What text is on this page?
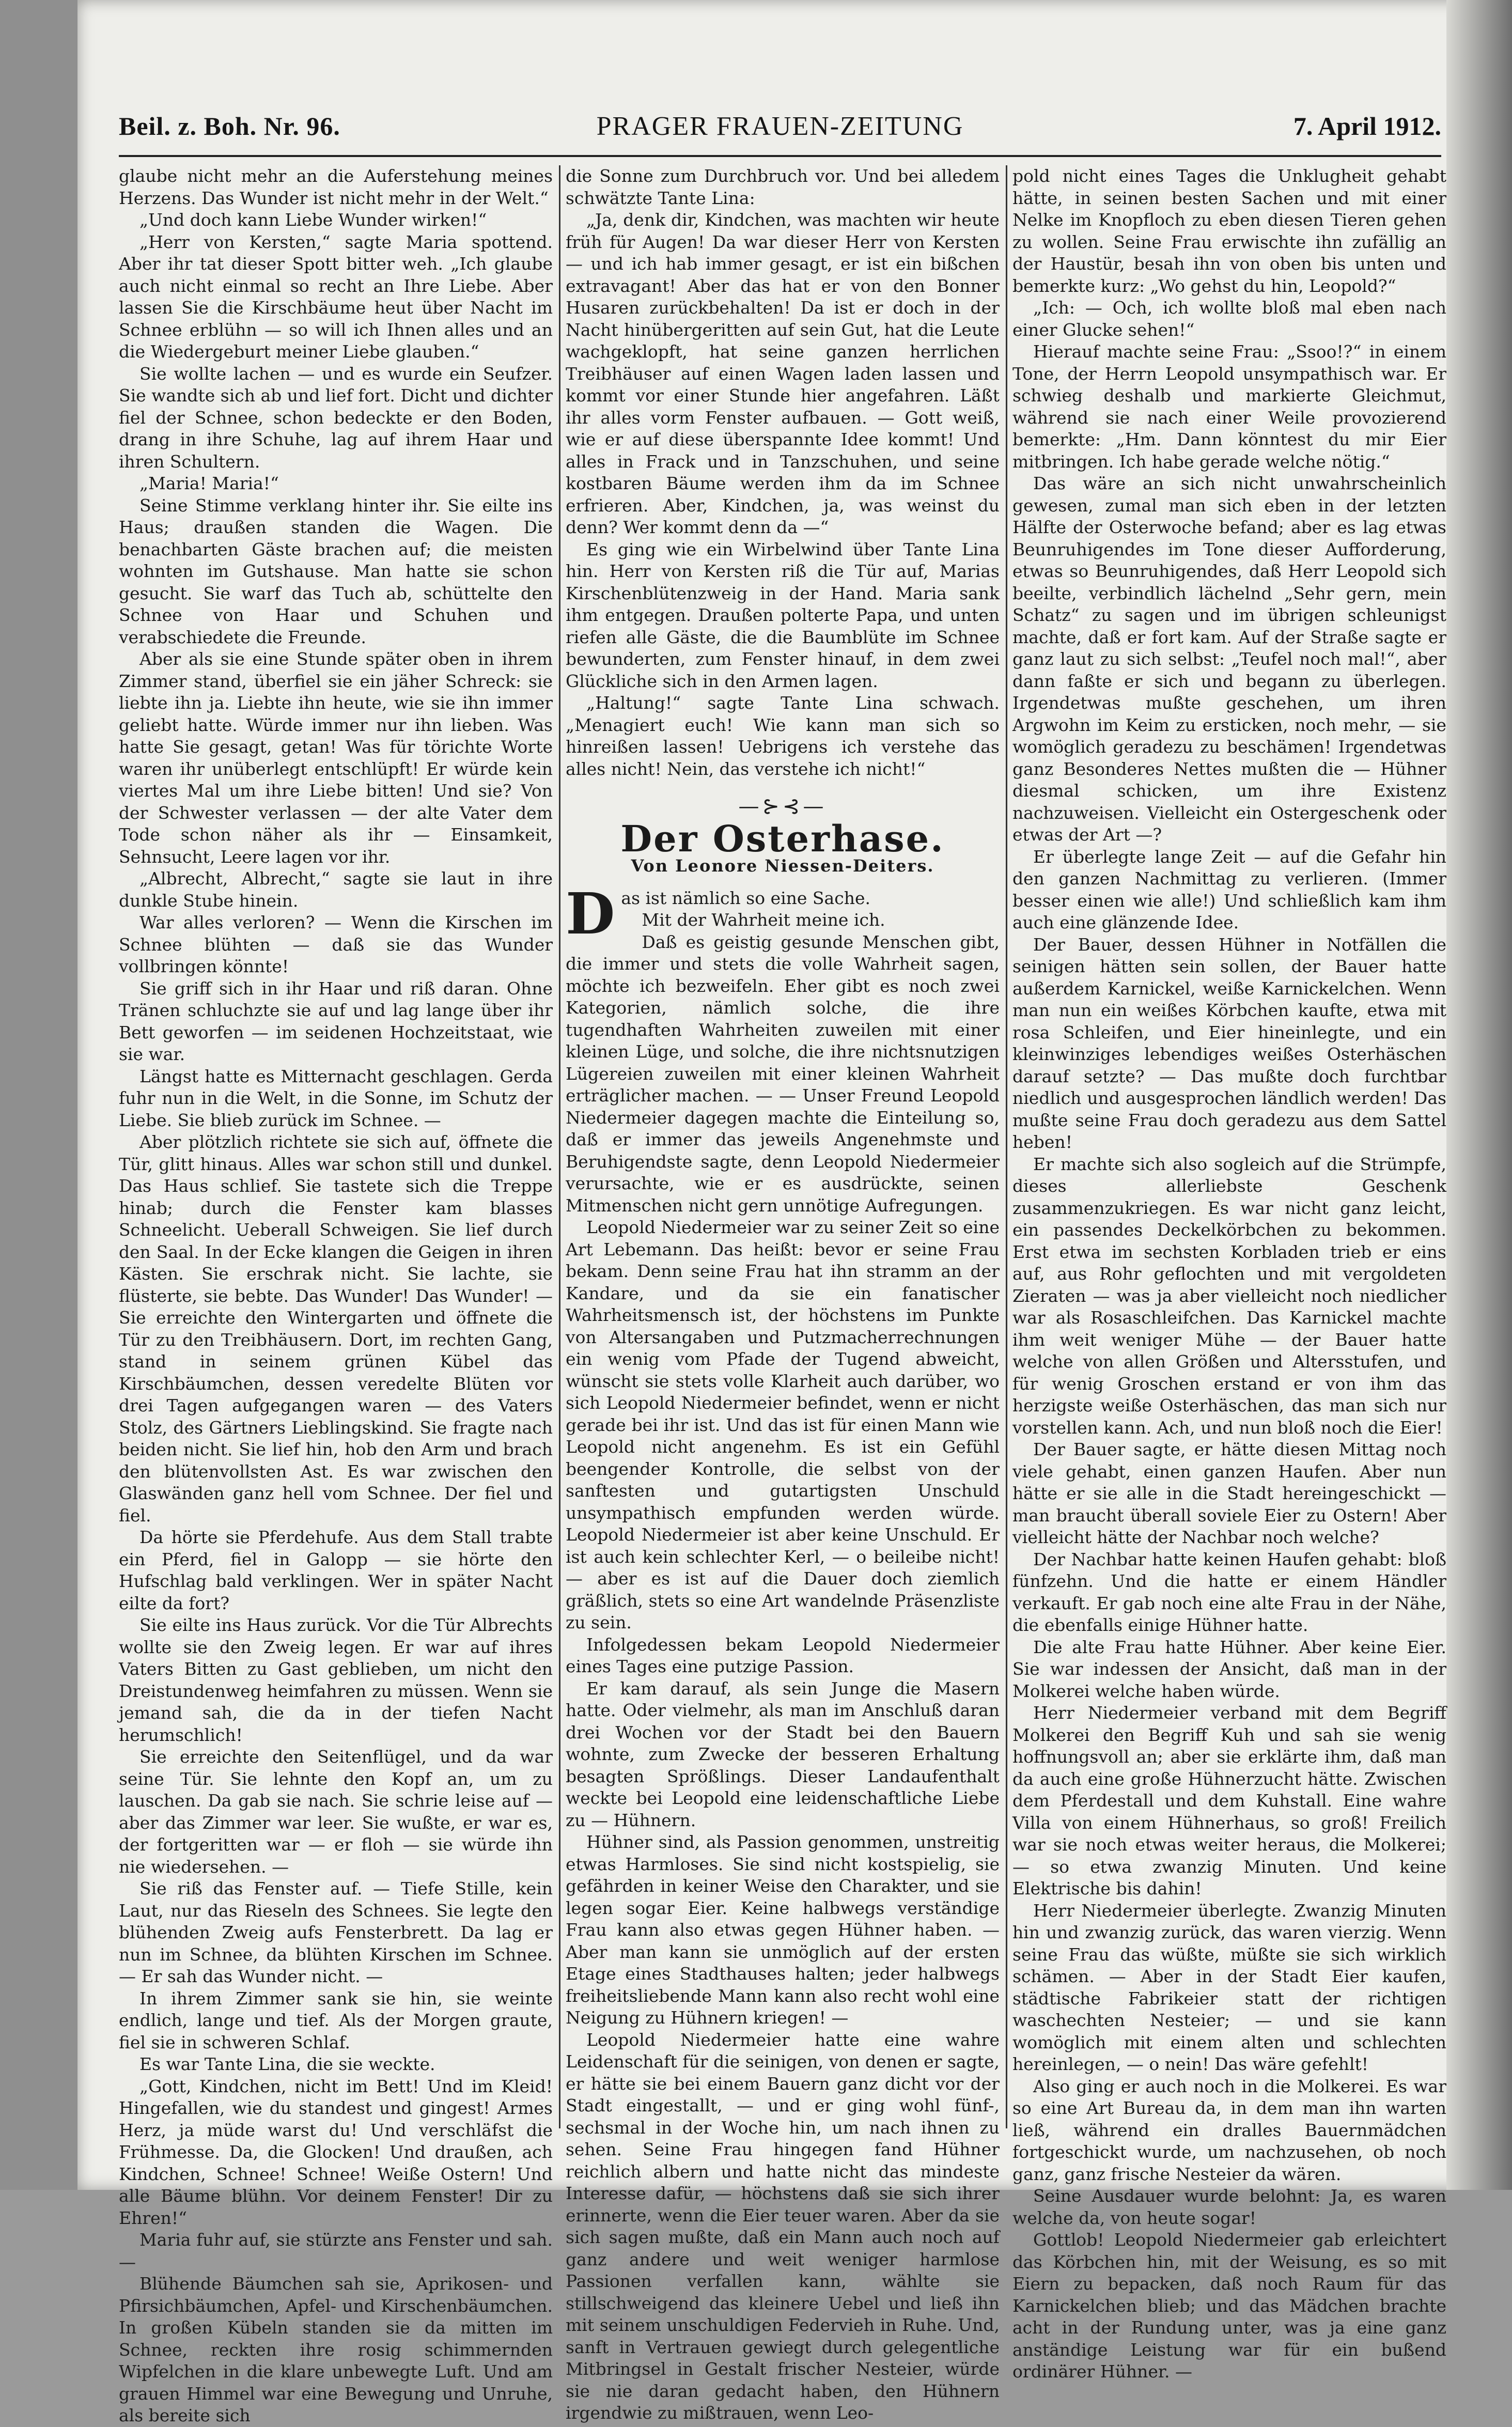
Beil. z. Boh. Nr. 96.	PRAGER FRAUEN-ZEITUNG	7. April 1912.

glaube nicht mehr an die Auferstehung meines Herzens. Das Wunder ist nicht mehr in der Welt.“

„Und doch kann Liebe Wunder wirken!“

„Herr von Kersten,“ sagte Maria spottend. Aber ihr tat dieser Spott bitter weh. „Ich glaube auch nicht einmal so recht an Ihre Liebe. Aber lassen Sie die Kirschbäume heut über Nacht im Schnee erblühn — so will ich Ihnen alles und an die Wiedergeburt meiner Liebe glauben.“

Sie wollte lachen — und es wurde ein Seufzer. Sie wandte sich ab und lief fort. Dicht und dichter fiel der Schnee, schon bedeckte er den Boden, drang in ihre Schuhe, lag auf ihrem Haar und ihren Schultern.

„Maria! Maria!“

Seine Stimme verklang hinter ihr. Sie eilte ins Haus; draußen standen die Wagen. Die benachbarten Gäste brachen auf; die meisten wohnten im Gutshause. Man hatte sie schon gesucht. Sie warf das Tuch ab, schüttelte den Schnee von Haar und Schuhen und verabschiedete die Freunde.

Aber als sie eine Stunde später oben in ihrem Zimmer stand, überfiel sie ein jäher Schreck: sie liebte ihn ja. Liebte ihn heute, wie sie ihn immer geliebt hatte. Würde immer nur ihn lieben. Was hatte Sie gesagt, getan! Was für törichte Worte waren ihr unüberlegt entschlüpft! Er würde kein viertes Mal um ihre Liebe bitten! Und sie? Von der Schwester verlassen — der alte Vater dem Tode schon näher als ihr — Einsamkeit, Sehnsucht, Leere lagen vor ihr.

„Albrecht, Albrecht,“ sagte sie laut in ihre dunkle Stube hinein.

War alles verloren? — Wenn die Kirschen im Schnee blühten — daß sie das Wunder vollbringen könnte!

Sie griff sich in ihr Haar und riß daran. Ohne Tränen schluchzte sie auf und lag lange über ihr Bett geworfen — im seidenen Hochzeitstaat, wie sie war.

Längst hatte es Mitternacht geschlagen. Gerda fuhr nun in die Welt, in die Sonne, im Schutz der Liebe. Sie blieb zurück im Schnee. —

Aber plötzlich richtete sie sich auf, öffnete die Tür, glitt hinaus. Alles war schon still und dunkel. Das Haus schlief. Sie tastete sich die Treppe hinab; durch die Fenster kam blasses Schneelicht. Ueberall Schweigen. Sie lief durch den Saal. In der Ecke klangen die Geigen in ihren Kästen. Sie erschrak nicht. Sie lachte, sie flüsterte, sie bebte. Das Wunder! Das Wunder! — Sie erreichte den Wintergarten und öffnete die Tür zu den Treibhäusern. Dort, im rechten Gang, stand in seinem grünen Kübel das Kirschbäumchen, dessen veredelte Blüten vor drei Tagen aufgegangen waren — des Vaters Stolz, des Gärtners Lieblingskind. Sie fragte nach beiden nicht. Sie lief hin, hob den Arm und brach den blütenvollsten Ast. Es war zwischen den Glaswänden ganz hell vom Schnee. Der fiel und fiel.

Da hörte sie Pferdehufe. Aus dem Stall trabte ein Pferd, fiel in Galopp — sie hörte den Hufschlag bald verklingen. Wer in später Nacht eilte da fort?

Sie eilte ins Haus zurück. Vor die Tür Albrechts wollte sie den Zweig legen. Er war auf ihres Vaters Bitten zu Gast geblieben, um nicht den Dreistundenweg heimfahren zu müssen. Wenn sie jemand sah, die da in der tiefen Nacht herumschlich!

Sie erreichte den Seitenflügel, und da war seine Tür. Sie lehnte den Kopf an, um zu lauschen. Da gab sie nach. Sie schrie leise auf — aber das Zimmer war leer. Sie wußte, er war es, der fortgeritten war — er floh — sie würde ihn nie wiedersehen. —

Sie riß das Fenster auf. — Tiefe Stille, kein Laut, nur das Rieseln des Schnees. Sie legte den blühenden Zweig aufs Fensterbrett. Da lag er nun im Schnee, da blühten Kirschen im Schnee. — Er sah das Wunder nicht. —

In ihrem Zimmer sank sie hin, sie weinte endlich, lange und tief. Als der Morgen graute, fiel sie in schweren Schlaf.

Es war Tante Lina, die sie weckte.

„Gott, Kindchen, nicht im Bett! Und im Kleid! Hingefallen, wie du standest und gingest! Armes Herz, ja müde warst du! Und verschläfst die Frühmesse. Da, die Glocken! Und draußen, ach Kindchen, Schnee! Schnee! Weiße Ostern! Und alle Bäume blühn. Vor deinem Fenster! Dir zu Ehren!“

Maria fuhr auf, sie stürzte ans Fenster und sah. —

Blühende Bäumchen sah sie, Aprikosen- und Pfirsichbäumchen, Apfel- und Kirschenbäumchen. In großen Kübeln standen sie da mitten im Schnee, reckten ihre rosig schimmernden Wipfelchen in die klare unbewegte Luft. Und am grauen Himmel war eine Bewegung und Unruhe, als bereite sich

die Sonne zum Durchbruch vor. Und bei alledem schwätzte Tante Lina:

„Ja, denk dir, Kindchen, was machten wir heute früh für Augen! Da war dieser Herr von Kersten — und ich hab immer gesagt, er ist ein bißchen extravagant! Aber das hat er von den Bonner Husaren zurückbehalten! Da ist er doch in der Nacht hinübergeritten auf sein Gut, hat die Leute wachgeklopft, hat seine ganzen herrlichen Treibhäuser auf einen Wagen laden lassen und kommt vor einer Stunde hier angefahren. Läßt ihr alles vorm Fenster aufbauen. — Gott weiß, wie er auf diese überspannte Idee kommt! Und alles in Frack und in Tanzschuhen, und seine kostbaren Bäume werden ihm da im Schnee erfrieren. Aber, Kindchen, ja, was weinst du denn? Wer kommt denn da —“

Es ging wie ein Wirbelwind über Tante Lina hin. Herr von Kersten riß die Tür auf, Marias Kirschenblütenzweig in der Hand. Maria sank ihm entgegen. Draußen polterte Papa, und unten riefen alle Gäste, die die Baumblüte im Schnee bewunderten, zum Fenster hinauf, in dem zwei Glückliche sich in den Armen lagen.

„Haltung!“ sagte Tante Lina schwach. „Menagiert euch! Wie kann man sich so hinreißen lassen! Uebrigens ich verstehe das alles nicht! Nein, das verstehe ich nicht!“

—⊱⊰—
Der Osterhase.
Von Leonore Niessen-Deiters.

Das ist nämlich so eine Sache.

Mit der Wahrheit meine ich.

Daß es geistig gesunde Menschen gibt, die immer und stets die volle Wahrheit sagen, möchte ich bezweifeln. Eher gibt es noch zwei Kategorien, nämlich solche, die ihre tugendhaften Wahrheiten zuweilen mit einer kleinen Lüge, und solche, die ihre nichtsnutzigen Lügereien zuweilen mit einer kleinen Wahrheit erträglicher machen. — — Unser Freund Leopold Niedermeier dagegen machte die Einteilung so, daß er immer das jeweils Angenehmste und Beruhigendste sagte, denn Leopold Niedermeier verursachte, wie er es ausdrückte, seinen Mitmenschen nicht gern unnötige Aufregungen.

Leopold Niedermeier war zu seiner Zeit so eine Art Lebemann. Das heißt: bevor er seine Frau bekam. Denn seine Frau hat ihn stramm an der Kandare, und da sie ein fanatischer Wahrheitsmensch ist, der höchstens im Punkte von Altersangaben und Putzmacherrechnungen ein wenig vom Pfade der Tugend abweicht, wünscht sie stets volle Klarheit auch darüber, wo sich Leopold Niedermeier befindet, wenn er nicht gerade bei ihr ist. Und das ist für einen Mann wie Leopold nicht angenehm. Es ist ein Gefühl beengender Kontrolle, die selbst von der sanftesten und gutartigsten Unschuld unsympathisch empfunden werden würde. Leopold Niedermeier ist aber keine Unschuld. Er ist auch kein schlechter Kerl, — o beileibe nicht! — aber es ist auf die Dauer doch ziemlich gräßlich, stets so eine Art wandelnde Präsenzliste zu sein.

Infolgedessen bekam Leopold Niedermeier eines Tages eine putzige Passion.

Er kam darauf, als sein Junge die Masern hatte. Oder vielmehr, als man im Anschluß daran drei Wochen vor der Stadt bei den Bauern wohnte, zum Zwecke der besseren Erhaltung besagten Sprößlings. Dieser Landaufenthalt weckte bei Leopold eine leidenschaftliche Liebe zu — Hühnern.

Hühner sind, als Passion genommen, unstreitig etwas Harmloses. Sie sind nicht kostspielig, sie gefährden in keiner Weise den Charakter, und sie legen sogar Eier. Keine halbwegs verständige Frau kann also etwas gegen Hühner haben. — Aber man kann sie unmöglich auf der ersten Etage eines Stadthauses halten; jeder halbwegs freiheitsliebende Mann kann also recht wohl eine Neigung zu Hühnern kriegen! —

Leopold Niedermeier hatte eine wahre Leidenschaft für die seinigen, von denen er sagte, er hätte sie bei einem Bauern ganz dicht vor der Stadt eingestallt, — und er ging wohl fünf-, sechsmal in der Woche hin, um nach ihnen zu sehen. Seine Frau hingegen fand Hühner reichlich albern und hatte nicht das mindeste Interesse dafür, — höchstens daß sie sich ihrer erinnerte, wenn die Eier teuer waren. Aber da sie sich sagen mußte, daß ein Mann auch noch auf ganz andere und weit weniger harmlose Passionen verfallen kann, wählte sie stillschweigend das kleinere Uebel und ließ ihn mit seinem unschuldigen Federvieh in Ruhe. Und, sanft in Vertrauen gewiegt durch gelegentliche Mitbringsel in Gestalt frischer Nesteier, würde sie nie daran gedacht haben, den Hühnern irgendwie zu mißtrauen, wenn Leo-

pold nicht eines Tages die Unklugheit gehabt hätte, in seinen besten Sachen und mit einer Nelke im Knopfloch zu eben diesen Tieren gehen zu wollen. Seine Frau erwischte ihn zufällig an der Haustür, besah ihn von oben bis unten und bemerkte kurz: „Wo gehst du hin, Leopold?“

„Ich: — Och, ich wollte bloß mal eben nach einer Glucke sehen!“

Hierauf machte seine Frau: „Ssoo!?“ in einem Tone, der Herrn Leopold unsympathisch war. Er schwieg deshalb und markierte Gleichmut, während sie nach einer Weile provozierend bemerkte: „Hm. Dann könntest du mir Eier mitbringen. Ich habe gerade welche nötig.“

Das wäre an sich nicht unwahrscheinlich gewesen, zumal man sich eben in der letzten Hälfte der Osterwoche befand; aber es lag etwas Beunruhigendes im Tone dieser Aufforderung, etwas so Beunruhigendes, daß Herr Leopold sich beeilte, verbindlich lächelnd „Sehr gern, mein Schatz“ zu sagen und im übrigen schleunigst machte, daß er fort kam. Auf der Straße sagte er ganz laut zu sich selbst: „Teufel noch mal!“, aber dann faßte er sich und begann zu überlegen. Irgendetwas mußte geschehen, um ihren Argwohn im Keim zu ersticken, noch mehr, — sie womöglich geradezu zu beschämen! Irgendetwas ganz Besonderes Nettes mußten die — Hühner diesmal schicken, um ihre Existenz nachzuweisen. Vielleicht ein Ostergeschenk oder etwas der Art —?

Er überlegte lange Zeit — auf die Gefahr hin den ganzen Nachmittag zu verlieren. (Immer besser einen wie alle!) Und schließlich kam ihm auch eine glänzende Idee.

Der Bauer, dessen Hühner in Notfällen die seinigen hätten sein sollen, der Bauer hatte außerdem Karnickel, weiße Karnickelchen. Wenn man nun ein weißes Körbchen kaufte, etwa mit rosa Schleifen, und Eier hineinlegte, und ein kleinwinziges lebendiges weißes Osterhäschen darauf setzte? — Das mußte doch furchtbar niedlich und ausgesprochen ländlich werden! Das mußte seine Frau doch geradezu aus dem Sattel heben!

Er machte sich also sogleich auf die Strümpfe, dieses allerliebste Geschenk zusammenzukriegen. Es war nicht ganz leicht, ein passendes Deckelkörbchen zu bekommen. Erst etwa im sechsten Korbladen trieb er eins auf, aus Rohr geflochten und mit vergoldeten Zieraten — was ja aber vielleicht noch niedlicher war als Rosaschleifchen. Das Karnickel machte ihm weit weniger Mühe — der Bauer hatte welche von allen Größen und Altersstufen, und für wenig Groschen erstand er von ihm das herzigste weiße Osterhäschen, das man sich nur vorstellen kann. Ach, und nun bloß noch die Eier!

Der Bauer sagte, er hätte diesen Mittag noch viele gehabt, einen ganzen Haufen. Aber nun hätte er sie alle in die Stadt hereingeschickt — man braucht überall soviele Eier zu Ostern! Aber vielleicht hätte der Nachbar noch welche?

Der Nachbar hatte keinen Haufen gehabt: bloß fünfzehn. Und die hatte er einem Händler verkauft. Er gab noch eine alte Frau in der Nähe, die ebenfalls einige Hühner hatte.

Die alte Frau hatte Hühner. Aber keine Eier. Sie war indessen der Ansicht, daß man in der Molkerei welche haben würde.

Herr Niedermeier verband mit dem Begriff Molkerei den Begriff Kuh und sah sie wenig hoffnungsvoll an; aber sie erklärte ihm, daß man da auch eine große Hühnerzucht hätte. Zwischen dem Pferdestall und dem Kuhstall. Eine wahre Villa von einem Hühnerhaus, so groß! Freilich war sie noch etwas weiter heraus, die Molkerei; — so etwa zwanzig Minuten. Und keine Elektrische bis dahin!

Herr Niedermeier überlegte. Zwanzig Minuten hin und zwanzig zurück, das waren vierzig. Wenn seine Frau das wüßte, müßte sie sich wirklich schämen. — Aber in der Stadt Eier kaufen, städtische Fabrikeier statt der richtigen waschechten Nesteier; — und sie kann womöglich mit einem alten und schlechten hereinlegen, — o nein! Das wäre gefehlt!

Also ging er auch noch in die Molkerei. Es war so eine Art Bureau da, in dem man ihn warten ließ, während ein dralles Bauernmädchen fortgeschickt wurde, um nachzusehen, ob noch ganz, ganz frische Nesteier da wären.

Seine Ausdauer wurde belohnt: Ja, es waren welche da, von heute sogar!

Gottlob! Leopold Niedermeier gab erleichtert das Körbchen hin, mit der Weisung, es so mit Eiern zu bepacken, daß noch Raum für das Karnickelchen blieb; und das Mädchen brachte acht in der Rundung unter, was ja eine ganz anständige Leistung war für ein bußend ordinärer Hühner. —
